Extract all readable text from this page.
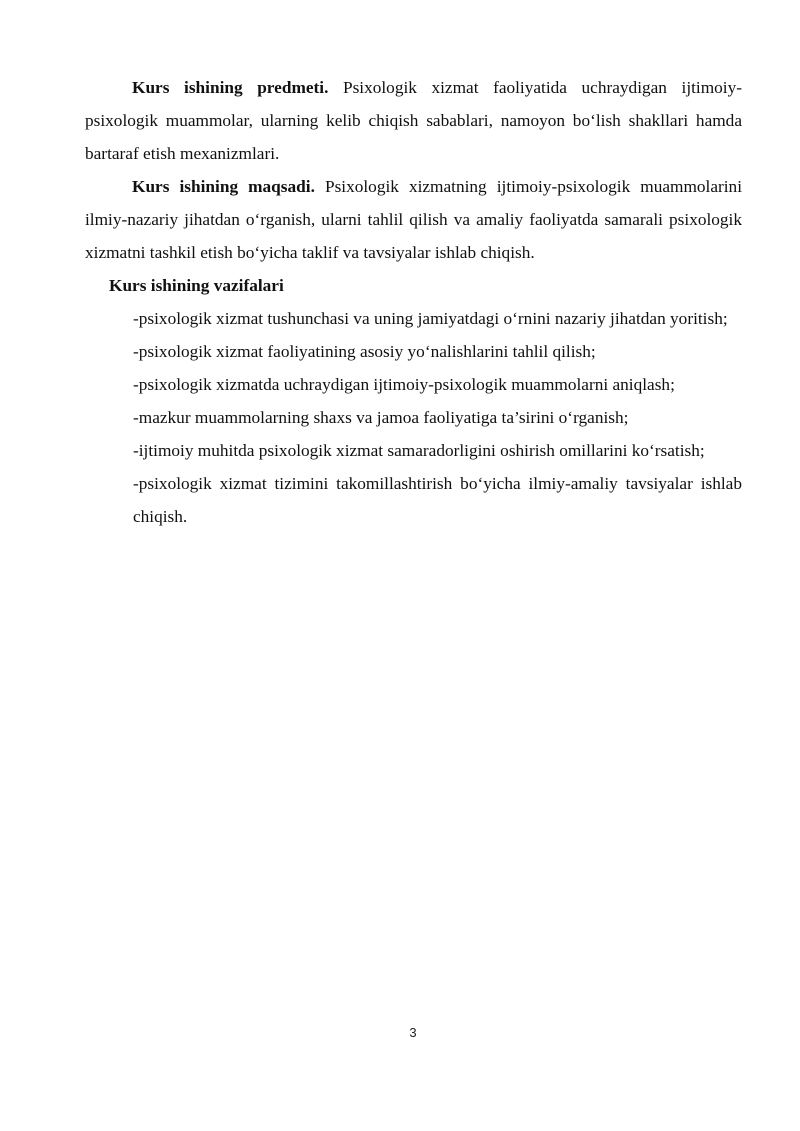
Kurs ishining predmeti. Psixologik xizmat faoliyatida uchraydigan ijtimoiy-psixologik muammolar, ularning kelib chiqish sabablari, namoyon bo‘lish shakllari hamda bartaraf etish mexanizmlari.

Kurs ishining maqsadi. Psixologik xizmatning ijtimoiy-psixologik muammolarini ilmiy-nazariy jihatdan o‘rganish, ularni tahlil qilish va amaliy faoliyatda samarali psixologik xizmatni tashkil etish bo‘yicha taklif va tavsiyalar ishlab chiqish.

Kurs ishining vazifalari

-psixologik xizmat tushunchasi va uning jamiyatdagi o‘rnini nazariy jihatdan yoritish;
-psixologik xizmat faoliyatining asosiy yo‘nalishlarini tahlil qilish;
-psixologik xizmatda uchraydigan ijtimoiy-psixologik muammolarni aniqlash;
-mazkur muammolarning shaxs va jamoa faoliyatiga ta’sirini o‘rganish;
-ijtimoiy muhitda psixologik xizmat samaradorligini oshirish omillarini ko‘rsatish;
-psixologik xizmat tizimini takomillashtirish bo‘yicha ilmiy-amaliy tavsiyalar ishlab chiqish.
3
